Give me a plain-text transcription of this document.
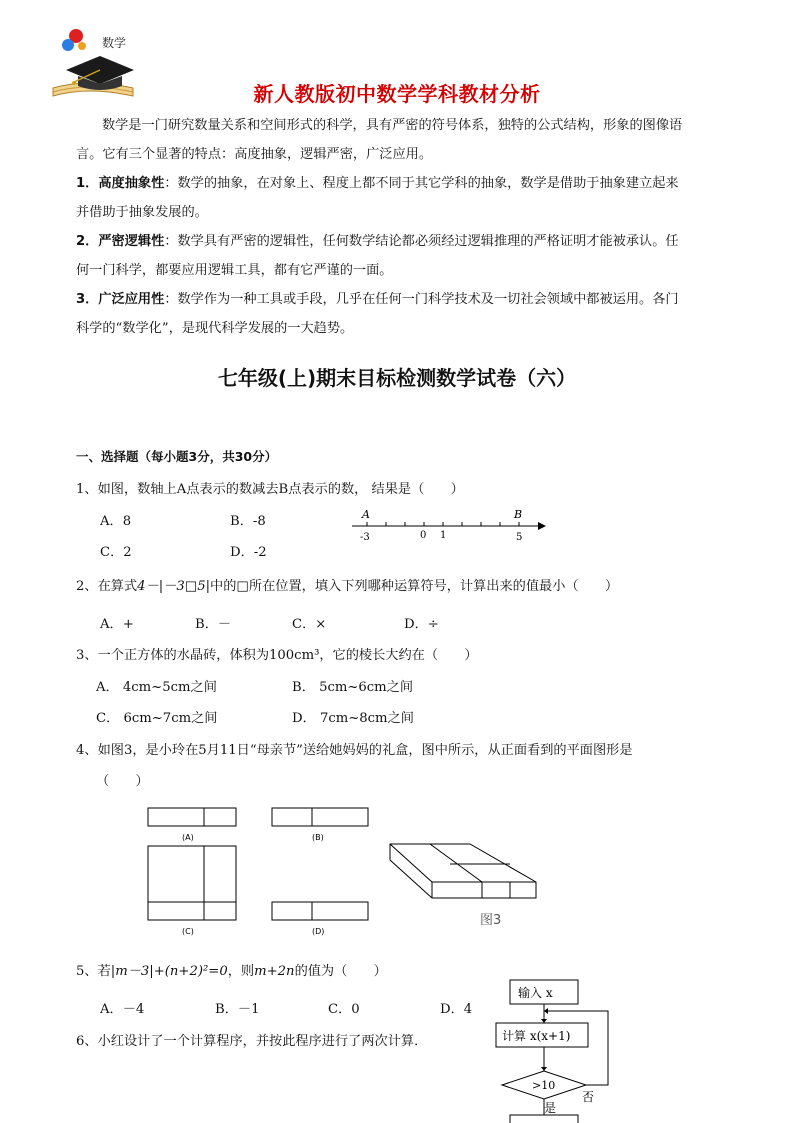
数学
新人教版初中数学学科教材分析
数学是一门研究数量关系和空间形式的科学，具有严密的符号体系，独特的公式结构，形象的图像语
言。它有三个显著的特点：高度抽象，逻辑严密，广泛应用。
1．高度抽象性：数学的抽象，在对象上、程度上都不同于其它学科的抽象，数学是借助于抽象建立起来
并借助于抽象发展的。
2．严密逻辑性：数学具有严密的逻辑性，任何数学结论都必须经过逻辑推理的严格证明才能被承认。任
何一门科学，都要应用逻辑工具，都有它严谨的一面。
3．广泛应用性：数学作为一种工具或手段，几乎在任何一门科学技术及一切社会领域中都被运用。各门
科学的“数学化”，是现代科学发展的一大趋势。
七年级(上)期末目标检测数学试卷（六）
一、选择题（每小题3分，共30分）
1、如图，数轴上A点表示的数减去B点表示的数， 结果是（　　）
A．8	B．-8
C．2	D．-2
A	B
-3	0 1	5
2、在算式4－|－3□5|中的□所在位置，填入下列哪种运算符号，计算出来的值最小（　　）
A．+	B．－	C．×	D．÷
3、一个正方体的水晶砖，体积为100cm³，它的棱长大约在（　　）
A． 4cm~5cm之间	B． 5cm~6cm之间
C． 6cm~7cm之间	D． 7cm~8cm之间
4、如图3，是小玲在5月11日“母亲节”送给她妈妈的礼盒，图中所示，从正面看到的平面图形是
（　　）
(A)	(B)
(C)	(D)
图3
5、若|m－3|+(n+2)²=0，则m+2n的值为（　　）
A．－4	B．－1	C．0	D．4
6、小红设计了一个计算程序，并按此程序进行了两次计算．
输入 x
计算 x(x+1)
>10
否
是
